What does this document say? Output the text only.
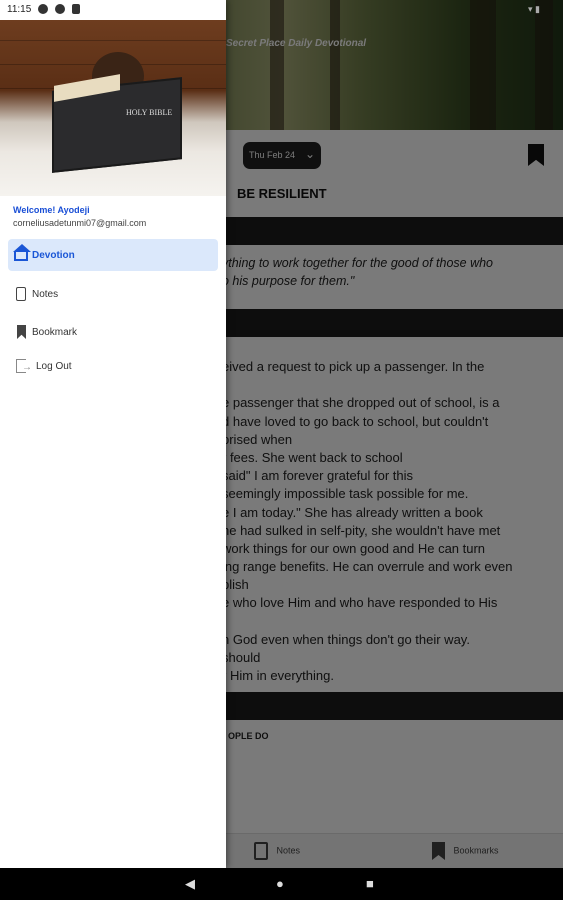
▾ ▮
11:15
HOLY BIBLE
Welcome! Ayodeji
corneliusadetunmi07@gmail.com
Devotion
Notes
Bookmark
→ Log Out
◀	●	■
